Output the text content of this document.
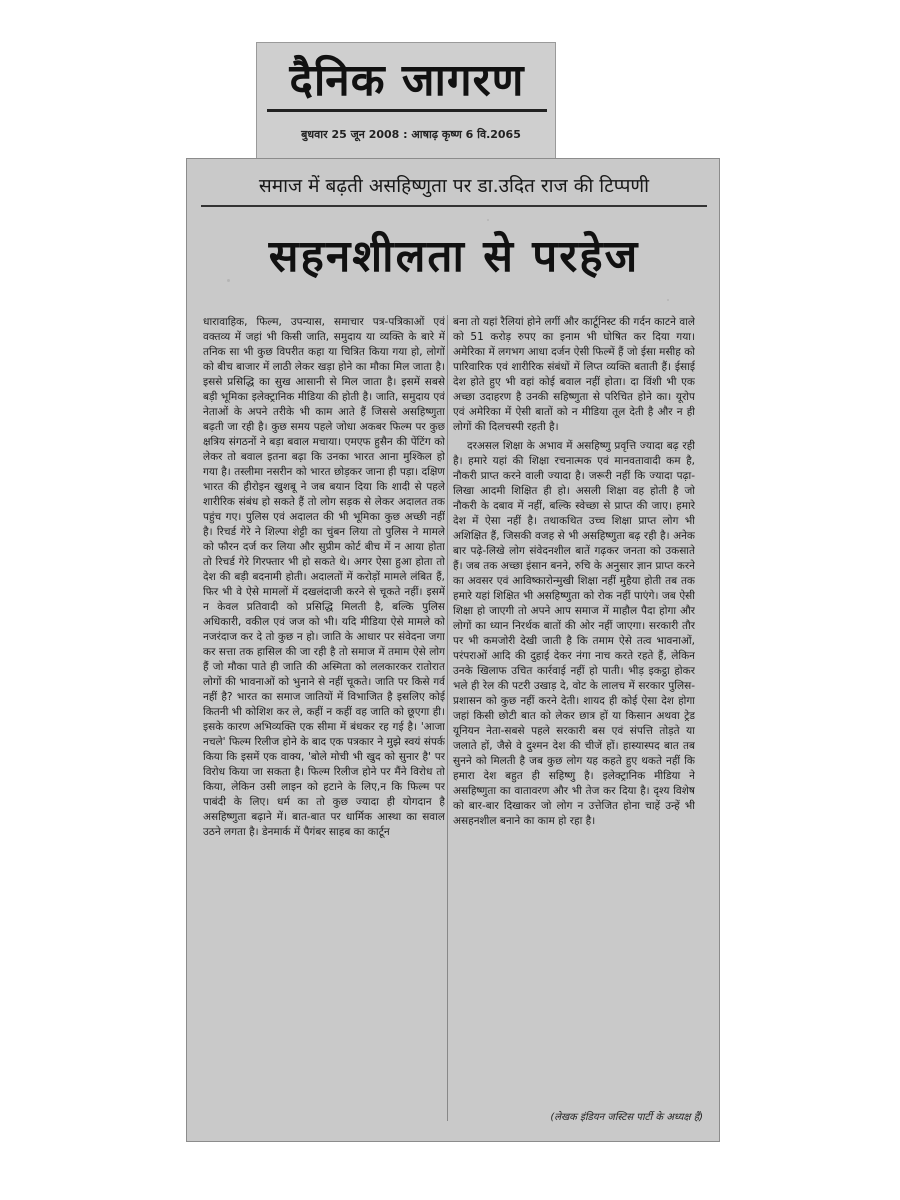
दैनिक जागरण
बुधवार 25 जून 2008 : आषाढ़ कृष्ण 6 वि.2065
समाज में बढ़ती असहिष्णुता पर डा.उदित राज की टिप्पणी
सहनशीलता से परहेज

धारावाहिक, फिल्म, उपन्यास, समाचार पत्र-पत्रिकाओं एवं वक्तव्य में जहां भी किसी जाति, समुदाय या व्यक्ति के बारे में तनिक सा भी कुछ विपरीत कहा या चित्रित किया गया हो, लोगों को बीच बाजार में लाठी लेकर खड़ा होने का मौका मिल जाता है। इससे प्रसिद्धि का सुख आसानी से मिल जाता है। इसमें सबसे बड़ी भूमिका इलेक्ट्रानिक मीडिया की होती है। जाति, समुदाय एवं नेताओं के अपने तरीके भी काम आते हैं जिससे असहिष्णुता बढ़ती जा रही है। कुछ समय पहले जोधा अकबर फिल्म पर कुछ क्षत्रिय संगठनों ने बड़ा बवाल मचाया। एमएफ हुसैन की पेंटिंग को लेकर तो बवाल इतना बढ़ा कि उनका भारत आना मुश्किल हो गया है। तस्लीमा नसरीन को भारत छोड़कर जाना ही पड़ा। दक्षिण भारत की हीरोइन खुशबू ने जब बयान दिया कि शादी से पहले शारीरिक संबंध हो सकते हैं तो लोग सड़क से लेकर अदालत तक पहुंच गए। पुलिस एवं अदालत की भी भूमिका कुछ अच्छी नहीं है। रिचर्ड गेरे ने शिल्पा शेट्टी का चुंबन लिया तो पुलिस ने मामले को फौरन दर्ज कर लिया और सुप्रीम कोर्ट बीच में न आया होता तो रिचर्ड गेरे गिरफ्तार भी हो सकते थे। अगर ऐसा हुआ होता तो देश की बड़ी बदनामी होती। अदालतों में करोड़ों मामले लंबित हैं, फिर भी वे ऐसे मामलों में दखलंदाजी करने से चूकते नहीं। इसमें न केवल प्रतिवादी को प्रसिद्धि मिलती है, बल्कि पुलिस अधिकारी, वकील एवं जज को भी। यदि मीडिया ऐसे मामले को नजरंदाज कर दे तो कुछ न हो। जाति के आधार पर संवेदना जगा कर सत्ता तक हासिल की जा रही है तो समाज में तमाम ऐसे लोग हैं जो मौका पाते ही जाति की अस्मिता को ललकारकर रातोरात लोगों की भावनाओं को भुनाने से नहीं चूकते। जाति पर किसे गर्व नहीं है? भारत का समाज जातियों में विभाजित है इसलिए कोई कितनी भी कोशिश कर ले, कहीं न कहीं वह जाति को छूएगा ही। इसके कारण अभिव्यक्ति एक सीमा में बंधकर रह गई है। 'आजा नचले' फिल्म रिलीज होने के बाद एक पत्रकार ने मुझे स्वयं संपर्क किया कि इसमें एक वाक्य, 'बोले मोची भी खुद को सुनार है' पर विरोध किया जा सकता है। फिल्म रिलीज होने पर मैंने विरोध तो किया, लेकिन उसी लाइन को हटाने के लिए,न कि फिल्म पर पाबंदी के लिए। धर्म का तो कुछ ज्यादा ही योगदान है असहिष्णुता बढ़ाने में। बात-बात पर धार्मिक आस्था का सवाल उठने लगता है। डेनमार्क में पैगंबर साहब का कार्टून

बना तो यहां रैलियां होने लगीं और कार्टूनिस्ट की गर्दन काटने वाले को 51 करोड़ रुपए का इनाम भी घोषित कर दिया गया। अमेरिका में लगभग आधा दर्जन ऐसी फिल्में हैं जो ईसा मसीह को पारिवारिक एवं शारीरिक संबंधों में लिप्त व्यक्ति बताती हैं। ईसाई देश होते हुए भी वहां कोई बवाल नहीं होता। दा विंशी भी एक अच्छा उदाहरण है उनकी सहिष्णुता से परिचित होने का। यूरोप एवं अमेरिका में ऐसी बातों को न मीडिया तूल देती है और न ही लोगों की दिलचस्पी रहती है।

दरअसल शिक्षा के अभाव में असहिष्णु प्रवृत्ति ज्यादा बढ़ रही है। हमारे यहां की शिक्षा रचनात्मक एवं मानवतावादी कम है, नौकरी प्राप्त करने वाली ज्यादा है। जरूरी नहीं कि ज्यादा पढ़ा-लिखा आदमी शिक्षित ही हो। असली शिक्षा वह होती है जो नौकरी के दबाव में नहीं, बल्कि स्वेच्छा से प्राप्त की जाए। हमारे देश में ऐसा नहीं है। तथाकथित उच्च शिक्षा प्राप्त लोग भी अशिक्षित हैं, जिसकी वजह से भी असहिष्णुता बढ़ रही है। अनेक बार पढ़े-लिखे लोग संवेदनशील बातें गढ़कर जनता को उकसाते हैं। जब तक अच्छा इंसान बनने, रुचि के अनुसार ज्ञान प्राप्त करने का अवसर एवं आविष्कारोन्मुखी शिक्षा नहीं मुहैया होती तब तक हमारे यहां शिक्षित भी असहिष्णुता को रोक नहीं पाएंगे। जब ऐसी शिक्षा हो जाएगी तो अपने आप समाज में माहौल पैदा होगा और लोगों का ध्यान निरर्थक बातों की ओर नहीं जाएगा। सरकारी तौर पर भी कमजोरी देखी जाती है कि तमाम ऐसे तत्व भावनाओं, परंपराओं आदि की दुहाई देकर नंगा नाच करते रहते हैं, लेकिन उनके खिलाफ उचित कार्रवाई नहीं हो पाती। भीड़ इकट्ठा होकर भले ही रेल की पटरी उखाड़ दे, वोट के लालच में सरकार पुलिस-प्रशासन को कुछ नहीं करने देती। शायद ही कोई ऐसा देश होगा जहां किसी छोटी बात को लेकर छात्र हों या किसान अथवा ट्रेड यूनियन नेता-सबसे पहले सरकारी बस एवं संपत्ति तोड़ते या जलाते हों, जैसे वे दुश्मन देश की चीजें हों। हास्यास्पद बात तब सुनने को मिलती है जब कुछ लोग यह कहते हुए थकते नहीं कि हमारा देश बहुत ही सहिष्णु है। इलेक्ट्रानिक मीडिया ने असहिष्णुता का वातावरण और भी तेज कर दिया है। दृश्य विशेष को बार-बार दिखाकर जो लोग न उत्तेजित होना चाहें उन्हें भी असहनशील बनाने का काम हो रहा है।

(लेखक इंडियन जस्टिस पार्टी के अध्यक्ष हैं)
